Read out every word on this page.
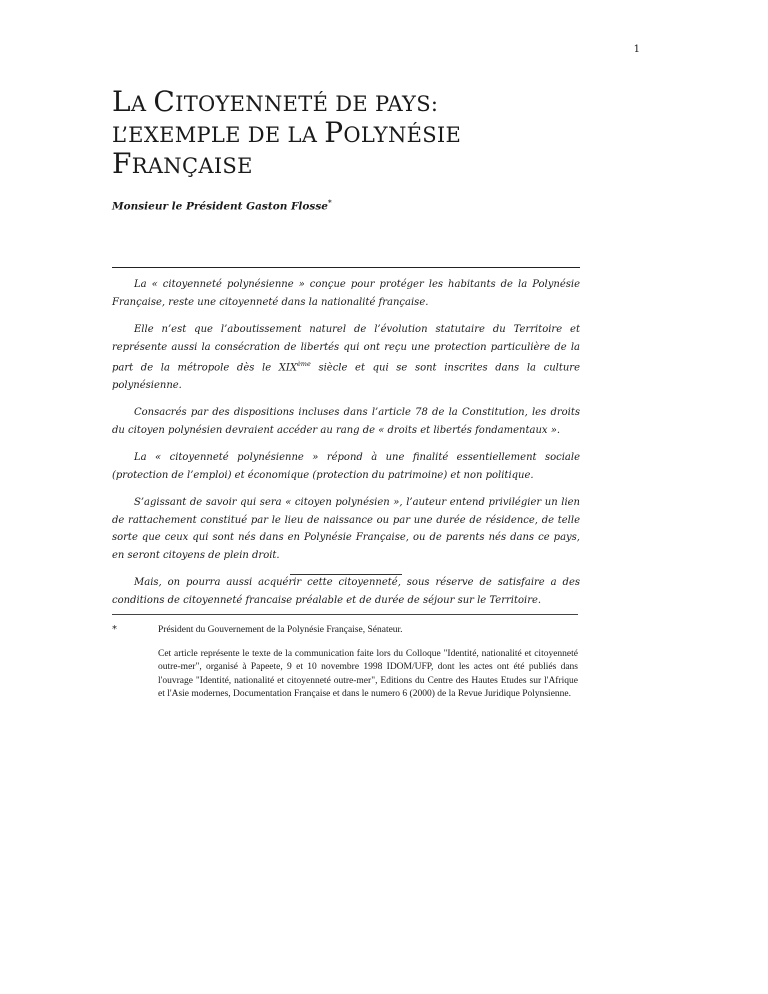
1
LA CITOYENNETÉ DE PAYS:
L’EXEMPLE DE LA POLYNÉSIE
FRANÇAISE
Monsieur le Président Gaston Flosse*

La « citoyenneté polynésienne » conçue pour protéger les habitants de la Polynésie Française, reste une citoyenneté dans la nationalité française.

Elle n’est que l’aboutissement naturel de l’évolution statutaire du Territoire et représente aussi la consécration de libertés qui ont reçu une protection particulière de la part de la métropole dès le XIXème siècle et qui se sont inscrites dans la culture polynésienne.

Consacrés par des dispositions incluses dans l’article 78 de la Constitution, les droits du citoyen polynésien devraient accéder au rang de « droits et libertés fondamentaux ».

La « citoyenneté polynésienne » répond à une finalité essentiellement sociale (protection de l’emploi) et économique (protection du patrimoine) et non politique.

S’agissant de savoir qui sera « citoyen polynésien », l’auteur entend privilégier un lien de rattachement constitué par le lieu de naissance ou par une durée de résidence, de telle sorte que ceux qui sont nés dans en Polynésie Française, ou de parents nés dans ce pays, en seront citoyens de plein droit.

Mais, on pourra aussi acquérir cette citoyenneté, sous réserve de satisfaire a des conditions de citoyenneté francaise préalable et de durée de séjour sur le Territoire.

*	Président du Gouvernement de la Polynésie Française, Sénateur.

Cet article représente le texte de la communication faite lors du Colloque "Identité, nationalité et citoyenneté outre-mer", organisé à Papeete, 9 et 10 novembre 1998 IDOM/UFP, dont les actes ont été publiés dans l'ouvrage "Identité, nationalité et citoyenneté outre-mer", Editions du Centre des Hautes Etudes sur l'Afrique et l'Asie modernes, Documentation Française et dans le numero 6 (2000) de la Revue Juridique Polynsienne.
